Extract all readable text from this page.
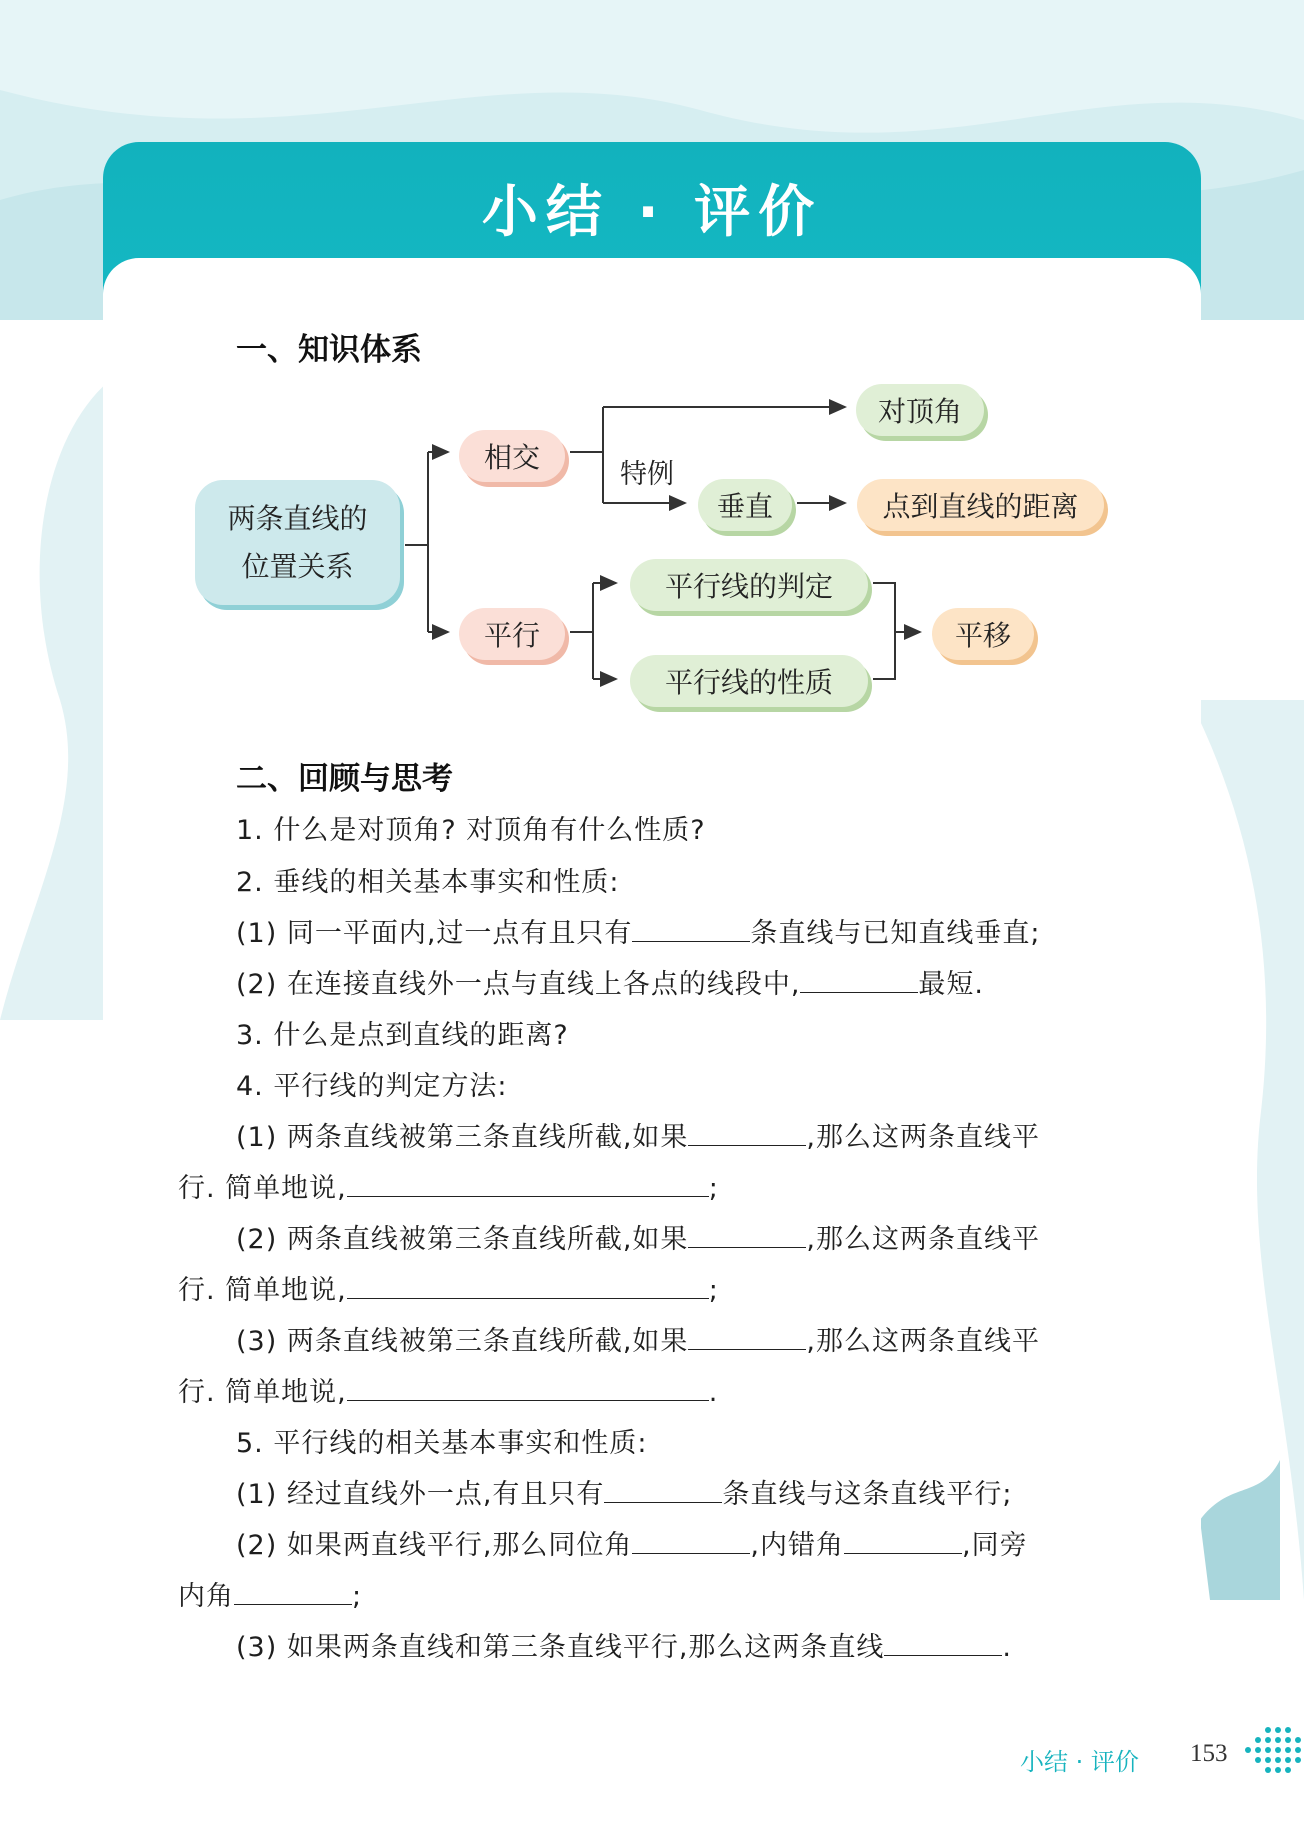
小结 · 评价
一、知识体系
两条直线的
位置关系
相交
平行
对顶角
特例
垂直	点到直线的距离
平行线的判定
平行线的性质
平移
二、回顾与思考
1. 什么是对顶角? 对顶角有什么性质?
2. 垂线的相关基本事实和性质:
(1) 同一平面内,过一点有且只有	条直线与已知直线垂直;
(2) 在连接直线外一点与直线上各点的线段中,	最短.
3. 什么是点到直线的距离?
4. 平行线的判定方法:
(1) 两条直线被第三条直线所截,如果	,那么这两条直线平
行. 简单地说,	;
(2) 两条直线被第三条直线所截,如果	,那么这两条直线平
行. 简单地说,	;
(3) 两条直线被第三条直线所截,如果	,那么这两条直线平
行. 简单地说,	.
5. 平行线的相关基本事实和性质:
(1) 经过直线外一点,有且只有	条直线与这条直线平行;
(2) 如果两直线平行,那么同位角	,内错角	,同旁
内角	;
(3) 如果两条直线和第三条直线平行,那么这两条直线	.
小结 · 评价 153
